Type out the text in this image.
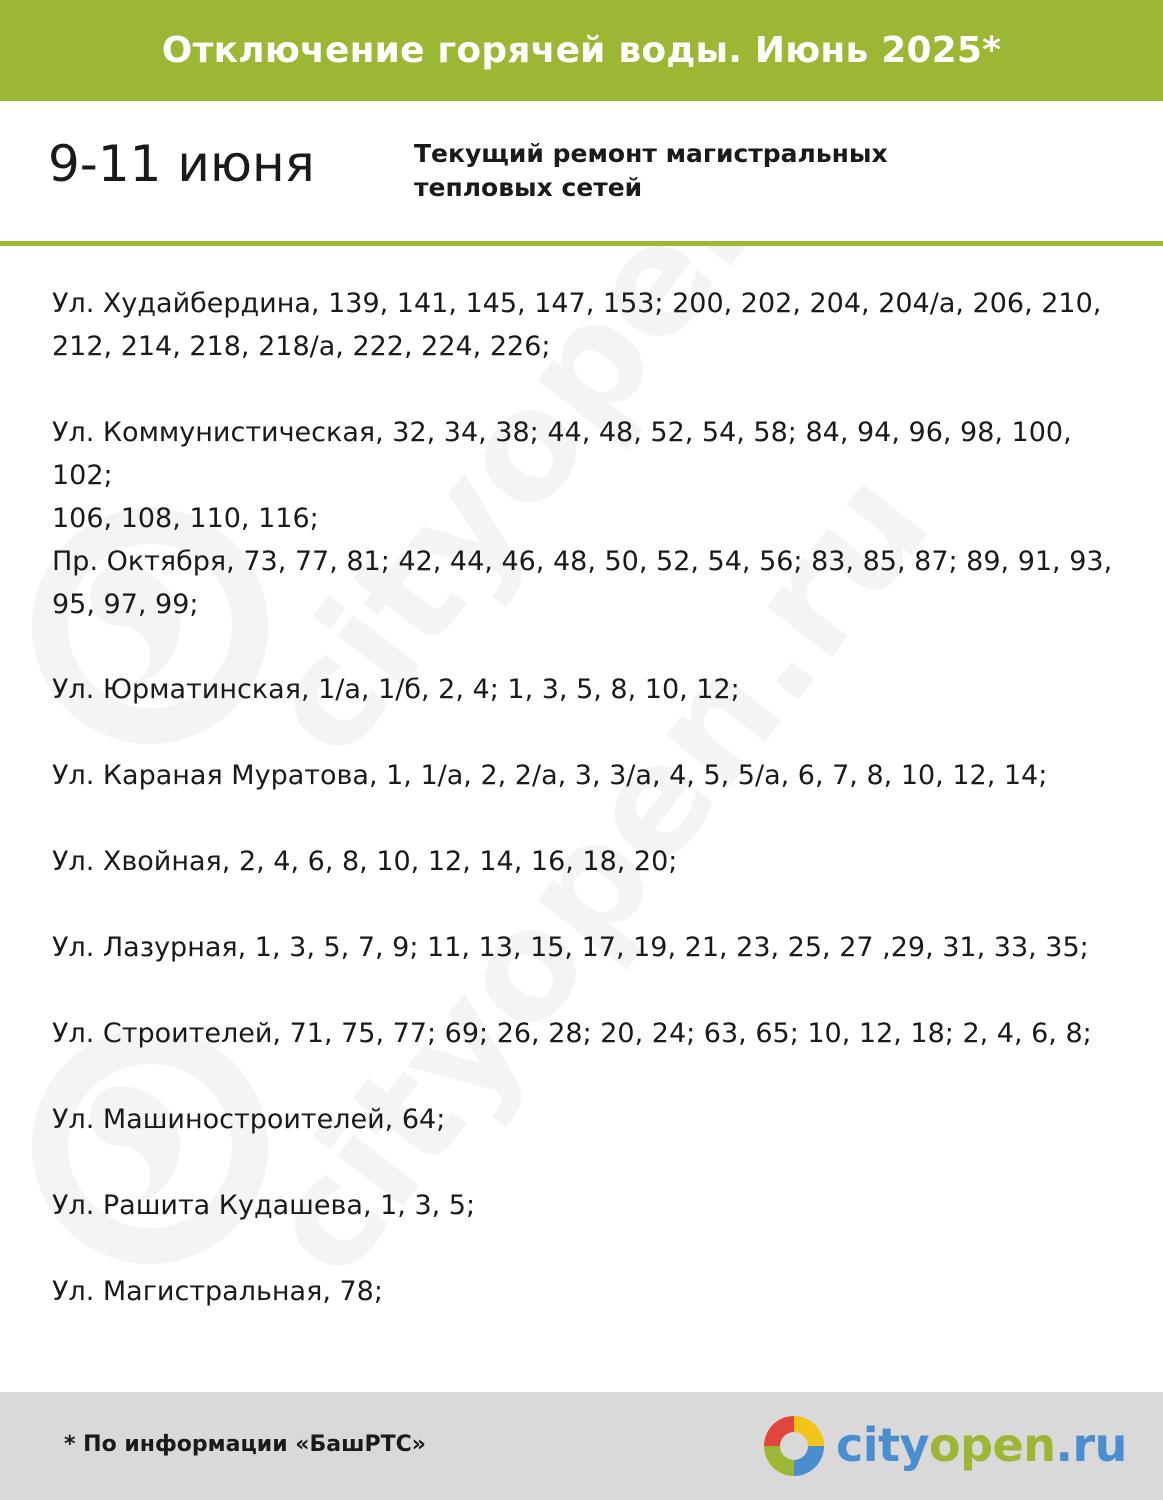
Отключение горячей воды. Июнь 2025*
9-11 июня	Текущий ремонт магистральных
тепловых сетей

Ул. Худайбердина, 139, 141, 145, 147, 153; 200, 202, 204, 204/а, 206, 210,
212, 214, 218, 218/а, 222, 224, 226;

Ул. Коммунистическая, 32, 34, 38; 44, 48, 52, 54, 58; 84, 94, 96, 98, 100, 102;
106, 108, 110, 116;

Пр. Октября, 73, 77, 81; 42, 44, 46, 48, 50, 52, 54, 56; 83, 85, 87; 89, 91, 93,
95, 97, 99;

Ул. Юрматинская, 1/а, 1/б, 2, 4; 1, 3, 5, 8, 10, 12;

Ул. Караная Муратова, 1, 1/а, 2, 2/а, 3, 3/а, 4, 5, 5/а, 6, 7, 8, 10, 12, 14;

Ул. Хвойная, 2, 4, 6, 8, 10, 12, 14, 16, 18, 20;

Ул. Лазурная, 1, 3, 5, 7, 9; 11, 13, 15, 17, 19, 21, 23, 25, 27 ,29, 31, 33, 35;

Ул. Строителей, 71, 75, 77; 69; 26, 28; 20, 24; 63, 65; 10, 12, 18; 2, 4, 6, 8;

Ул. Машиностроителей, 64;

Ул. Рашита Кудашева, 1, 3, 5;

Ул. Магистральная, 78;

* По информации «БашРТС»	cityopen.ru
